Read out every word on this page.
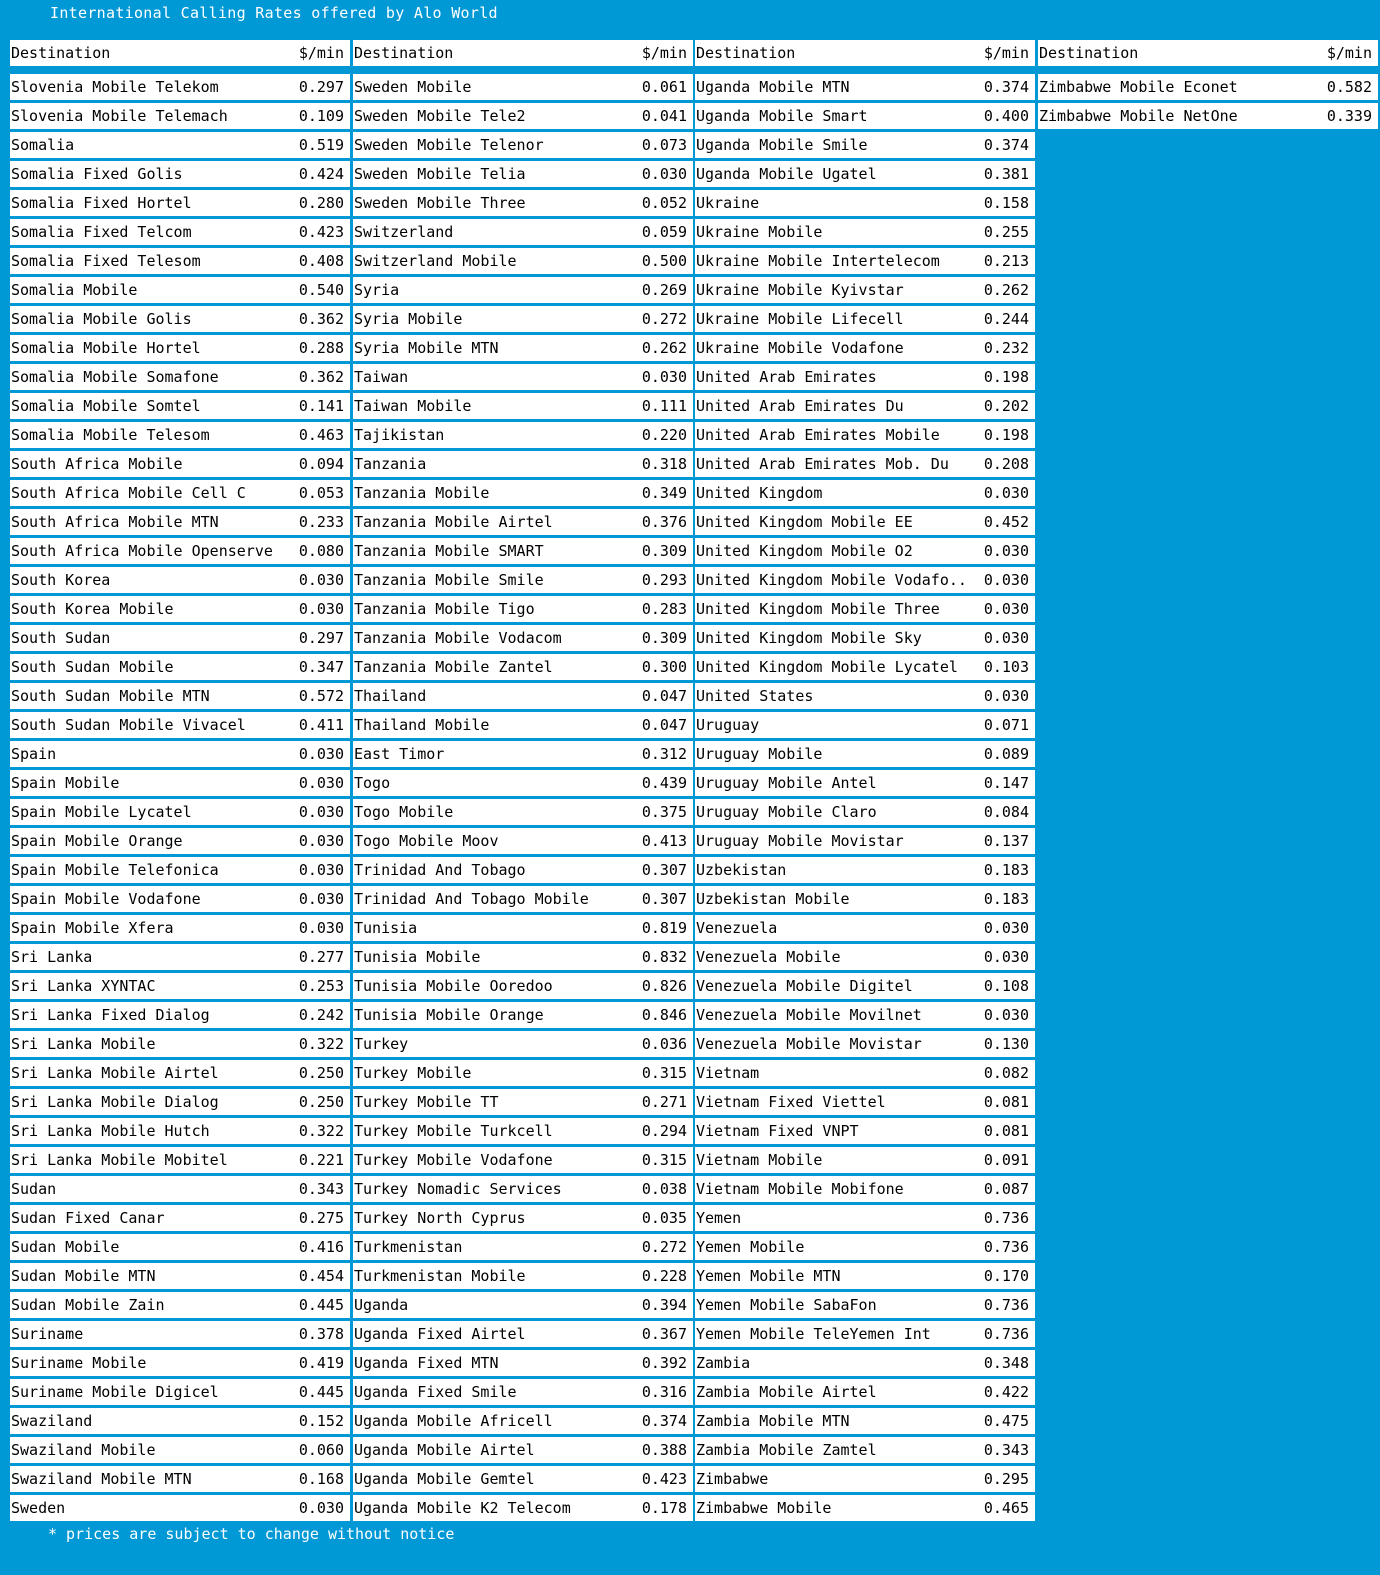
International Calling Rates offered by Alo World
Destination	$/min
Slovenia Mobile Telekom	0.297
Slovenia Mobile Telemach	0.109
Somalia	0.519
Somalia Fixed Golis	0.424
Somalia Fixed Hortel	0.280
Somalia Fixed Telcom	0.423
Somalia Fixed Telesom	0.408
Somalia Mobile	0.540
Somalia Mobile Golis	0.362
Somalia Mobile Hortel	0.288
Somalia Mobile Somafone	0.362
Somalia Mobile Somtel	0.141
Somalia Mobile Telesom	0.463
South Africa Mobile	0.094
South Africa Mobile Cell C	0.053
South Africa Mobile MTN	0.233
South Africa Mobile Openserve	0.080
South Korea	0.030
South Korea Mobile	0.030
South Sudan	0.297
South Sudan Mobile	0.347
South Sudan Mobile MTN	0.572
South Sudan Mobile Vivacel	0.411
Spain	0.030
Spain Mobile	0.030
Spain Mobile Lycatel	0.030
Spain Mobile Orange	0.030
Spain Mobile Telefonica	0.030
Spain Mobile Vodafone	0.030
Spain Mobile Xfera	0.030
Sri Lanka	0.277
Sri Lanka XYNTAC	0.253
Sri Lanka Fixed Dialog	0.242
Sri Lanka Mobile	0.322
Sri Lanka Mobile Airtel	0.250
Sri Lanka Mobile Dialog	0.250
Sri Lanka Mobile Hutch	0.322
Sri Lanka Mobile Mobitel	0.221
Sudan	0.343
Sudan Fixed Canar	0.275
Sudan Mobile	0.416
Sudan Mobile MTN	0.454
Sudan Mobile Zain	0.445
Suriname	0.378
Suriname Mobile	0.419
Suriname Mobile Digicel	0.445
Swaziland	0.152
Swaziland Mobile	0.060
Swaziland Mobile MTN	0.168
Sweden	0.030
Destination	$/min
Sweden Mobile	0.061
Sweden Mobile Tele2	0.041
Sweden Mobile Telenor	0.073
Sweden Mobile Telia	0.030
Sweden Mobile Three	0.052
Switzerland	0.059
Switzerland Mobile	0.500
Syria	0.269
Syria Mobile	0.272
Syria Mobile MTN	0.262
Taiwan	0.030
Taiwan Mobile	0.111
Tajikistan	0.220
Tanzania	0.318
Tanzania Mobile	0.349
Tanzania Mobile Airtel	0.376
Tanzania Mobile SMART	0.309
Tanzania Mobile Smile	0.293
Tanzania Mobile Tigo	0.283
Tanzania Mobile Vodacom	0.309
Tanzania Mobile Zantel	0.300
Thailand	0.047
Thailand Mobile	0.047
East Timor	0.312
Togo	0.439
Togo Mobile	0.375
Togo Mobile Moov	0.413
Trinidad And Tobago	0.307
Trinidad And Tobago Mobile	0.307
Tunisia	0.819
Tunisia Mobile	0.832
Tunisia Mobile Ooredoo	0.826
Tunisia Mobile Orange	0.846
Turkey	0.036
Turkey Mobile	0.315
Turkey Mobile TT	0.271
Turkey Mobile Turkcell	0.294
Turkey Mobile Vodafone	0.315
Turkey Nomadic Services	0.038
Turkey North Cyprus	0.035
Turkmenistan	0.272
Turkmenistan Mobile	0.228
Uganda	0.394
Uganda Fixed Airtel	0.367
Uganda Fixed MTN	0.392
Uganda Fixed Smile	0.316
Uganda Mobile Africell	0.374
Uganda Mobile Airtel	0.388
Uganda Mobile Gemtel	0.423
Uganda Mobile K2 Telecom	0.178
Destination	$/min
Uganda Mobile MTN	0.374
Uganda Mobile Smart	0.400
Uganda Mobile Smile	0.374
Uganda Mobile Ugatel	0.381
Ukraine	0.158
Ukraine Mobile	0.255
Ukraine Mobile Intertelecom	0.213
Ukraine Mobile Kyivstar	0.262
Ukraine Mobile Lifecell	0.244
Ukraine Mobile Vodafone	0.232
United Arab Emirates	0.198
United Arab Emirates Du	0.202
United Arab Emirates Mobile	0.198
United Arab Emirates Mob. Du	0.208
United Kingdom	0.030
United Kingdom Mobile EE	0.452
United Kingdom Mobile O2	0.030
United Kingdom Mobile Vodafo..	0.030
United Kingdom Mobile Three	0.030
United Kingdom Mobile Sky	0.030
United Kingdom Mobile Lycatel	0.103
United States	0.030
Uruguay	0.071
Uruguay Mobile	0.089
Uruguay Mobile Antel	0.147
Uruguay Mobile Claro	0.084
Uruguay Mobile Movistar	0.137
Uzbekistan	0.183
Uzbekistan Mobile	0.183
Venezuela	0.030
Venezuela Mobile	0.030
Venezuela Mobile Digitel	0.108
Venezuela Mobile Movilnet	0.030
Venezuela Mobile Movistar	0.130
Vietnam	0.082
Vietnam Fixed Viettel	0.081
Vietnam Fixed VNPT	0.081
Vietnam Mobile	0.091
Vietnam Mobile Mobifone	0.087
Yemen	0.736
Yemen Mobile	0.736
Yemen Mobile MTN	0.170
Yemen Mobile SabaFon	0.736
Yemen Mobile TeleYemen Int	0.736
Zambia	0.348
Zambia Mobile Airtel	0.422
Zambia Mobile MTN	0.475
Zambia Mobile Zamtel	0.343
Zimbabwe	0.295
Zimbabwe Mobile	0.465
Destination	$/min
Zimbabwe Mobile Econet	0.582
Zimbabwe Mobile NetOne	0.339
* prices are subject to change without notice
